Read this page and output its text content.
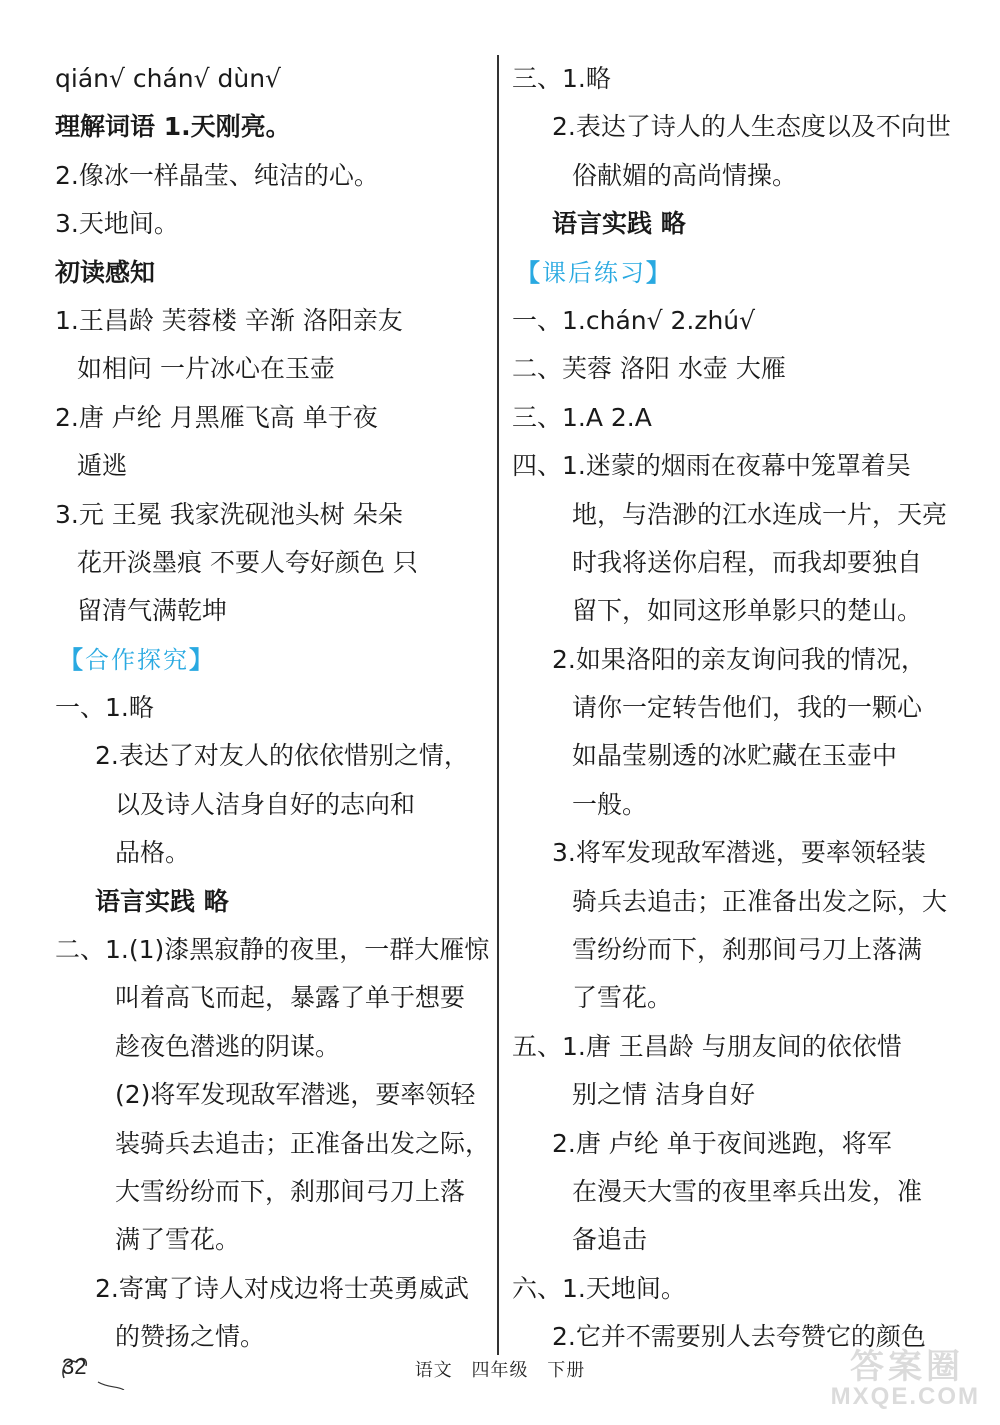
qián√ chán√ dùn√
理解词语 1.天刚亮。
2.像冰一样晶莹、纯洁的心。
3.天地间。
初读感知
1.王昌龄 芙蓉楼 辛渐 洛阳亲友
如相问 一片冰心在玉壶
2.唐 卢纶 月黑雁飞高 单于夜
遁逃
3.元 王冕 我家洗砚池头树 朵朵
花开淡墨痕 不要人夸好颜色 只
留清气满乾坤
【合作探究】
一、1.略
2.表达了对友人的依依惜别之情，
以及诗人洁身自好的志向和
品格。
语言实践 略
二、1.(1)漆黑寂静的夜里，一群大雁惊
叫着高飞而起，暴露了单于想要
趁夜色潜逃的阴谋。
(2)将军发现敌军潜逃，要率领轻
装骑兵去追击；正准备出发之际，
大雪纷纷而下，刹那间弓刀上落
满了雪花。
2.寄寓了诗人对戍边将士英勇威武
的赞扬之情。
三、1.略
2.表达了诗人的人生态度以及不向世
俗献媚的高尚情操。
语言实践 略
【课后练习】
一、1.chán√ 2.zhú√
二、芙蓉 洛阳 水壶 大雁
三、1.A 2.A
四、1.迷蒙的烟雨在夜幕中笼罩着吴
地，与浩渺的江水连成一片，天亮
时我将送你启程，而我却要独自
留下，如同这形单影只的楚山。
2.如果洛阳的亲友询问我的情况，
请你一定转告他们，我的一颗心
如晶莹剔透的冰贮藏在玉壶中
一般。
3.将军发现敌军潜逃，要率领轻装
骑兵去追击；正准备出发之际，大
雪纷纷而下，刹那间弓刀上落满
了雪花。
五、1.唐 王昌龄 与朋友间的依依惜
别之情 洁身自好
2.唐 卢纶 单于夜间逃跑，将军
在漫天大雪的夜里率兵出发，准
备追击
六、1.天地间。
2.它并不需要别人去夸赞它的颜色
32	语文 四年级 下册	答案圈
MXQE.COM
